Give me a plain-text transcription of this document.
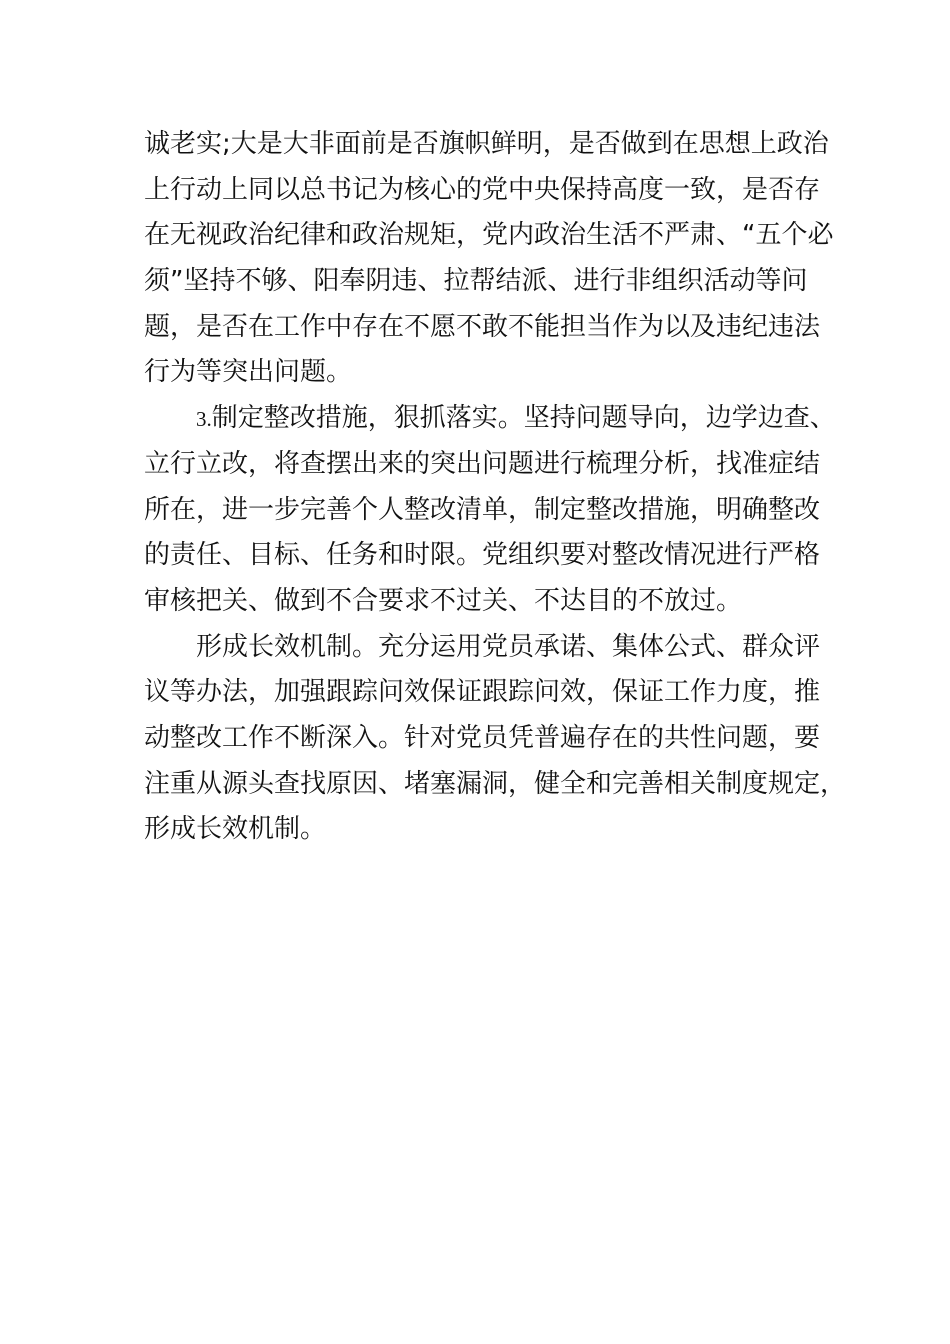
诚老实;大是大非面前是否旗帜鲜明，是否做到在思想上政治
上行动上同以总书记为核心的党中央保持高度一致，是否存
在无视政治纪律和政治规矩，党内政治生活不严肃、“五个必
须”坚持不够、阳奉阴违、拉帮结派、进行非组织活动等问
题，是否在工作中存在不愿不敢不能担当作为以及违纪违法
行为等突出问题。
3.制定整改措施，狠抓落实。坚持问题导向，边学边查、
立行立改，将查摆出来的突出问题进行梳理分析，找准症结
所在，进一步完善个人整改清单，制定整改措施，明确整改
的责任、目标、任务和时限。党组织要对整改情况进行严格
审核把关、做到不合要求不过关、不达目的不放过。
形成长效机制。充分运用党员承诺、集体公式、群众评
议等办法，加强跟踪问效保证跟踪问效，保证工作力度，推
动整改工作不断深入。针对党员凭普遍存在的共性问题，要
注重从源头查找原因、堵塞漏洞，健全和完善相关制度规定，
形成长效机制。
